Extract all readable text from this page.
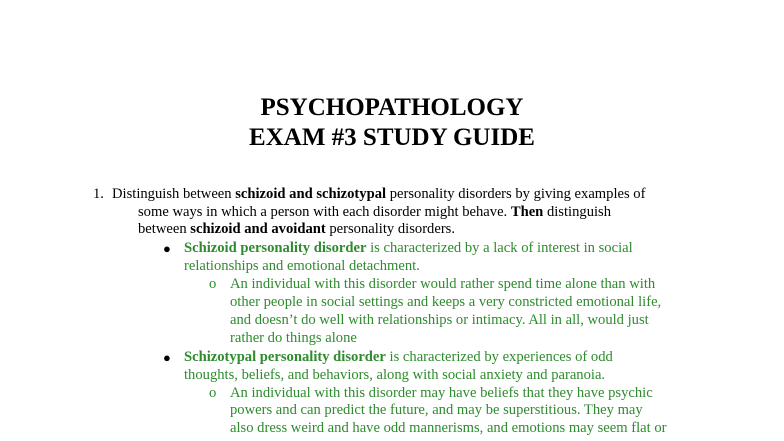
PSYCHOPATHOLOGY
EXAM #3 STUDY GUIDE
1. Distinguish between schizoid and schizotypal personality disorders by giving examples of
some ways in which a person with each disorder might behave. Then distinguish
between schizoid and avoidant personality disorders.
● Schizoid personality disorder is characterized by a lack of interest in social
relationships and emotional detachment.
o An individual with this disorder would rather spend time alone than with
other people in social settings and keeps a very constricted emotional life,
and doesn’t do well with relationships or intimacy. All in all, would just
rather do things alone
● Schizotypal personality disorder is characterized by experiences of odd
thoughts, beliefs, and behaviors, along with social anxiety and paranoia.
o An individual with this disorder may have beliefs that they have psychic
powers and can predict the future, and may be superstitious. They may
also dress weird and have odd mannerisms, and emotions may seem flat or
